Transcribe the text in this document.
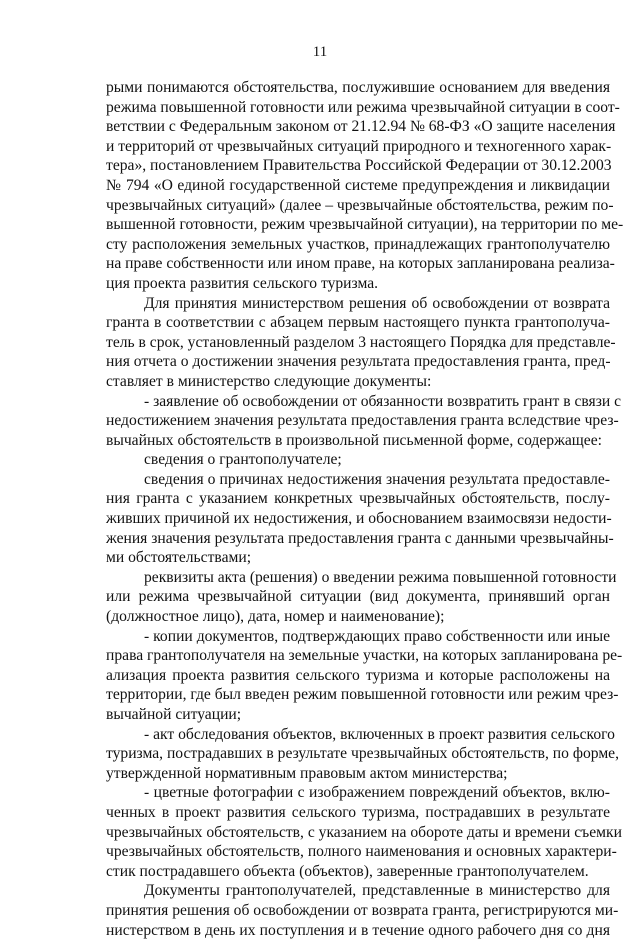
11
рыми понимаются обстоятельства, послужившие основанием для введения
режима повышенной готовности или режима чрезвычайной ситуации в соот-
ветствии с Федеральным законом от 21.12.94 № 68-ФЗ «О защите населения
и территорий от чрезвычайных ситуаций природного и техногенного харак-
тера», постановлением Правительства Российской Федерации от 30.12.2003
№ 794 «О единой государственной системе предупреждения и ликвидации
чрезвычайных ситуаций» (далее – чрезвычайные обстоятельства, режим по-
вышенной готовности, режим чрезвычайной ситуации), на территории по ме-
сту расположения земельных участков, принадлежащих грантополучателю
на праве собственности или ином праве, на которых запланирована реализа-
ция проекта развития сельского туризма.
Для принятия министерством решения об освобождении от возврата
гранта в соответствии с абзацем первым настоящего пункта грантополуча-
тель в срок, установленный разделом 3 настоящего Порядка для представле-
ния отчета о достижении значения результата предоставления гранта, пред-
ставляет в министерство следующие документы:
- заявление об освобождении от обязанности возвратить грант в связи с
недостижением значения результата предоставления гранта вследствие чрез-
вычайных обстоятельств в произвольной письменной форме, содержащее:
сведения о грантополучателе;
сведения о причинах недостижения значения результата предоставле-
ния гранта с указанием конкретных чрезвычайных обстоятельств, послу-
живших причиной их недостижения, и обоснованием взаимосвязи недости-
жения значения результата предоставления гранта с данными чрезвычайны-
ми обстоятельствами;
реквизиты акта (решения) о введении режима повышенной готовности
или режима чрезвычайной ситуации (вид документа, принявший орган
(должностное лицо), дата, номер и наименование);
- копии документов, подтверждающих право собственности или иные
права грантополучателя на земельные участки, на которых запланирована ре-
ализация проекта развития сельского туризма и которые расположены на
территории, где был введен режим повышенной готовности или режим чрез-
вычайной ситуации;
- акт обследования объектов, включенных в проект развития сельского
туризма, пострадавших в результате чрезвычайных обстоятельств, по форме,
утвержденной нормативным правовым актом министерства;
- цветные фотографии с изображением повреждений объектов, вклю-
ченных в проект развития сельского туризма, пострадавших в результате
чрезвычайных обстоятельств, с указанием на обороте даты и времени съемки
чрезвычайных обстоятельств, полного наименования и основных характери-
стик пострадавшего объекта (объектов), заверенные грантополучателем.
Документы грантополучателей, представленные в министерство для
принятия решения об освобождении от возврата гранта, регистрируются ми-
нистерством в день их поступления и в течение одного рабочего дня со дня
